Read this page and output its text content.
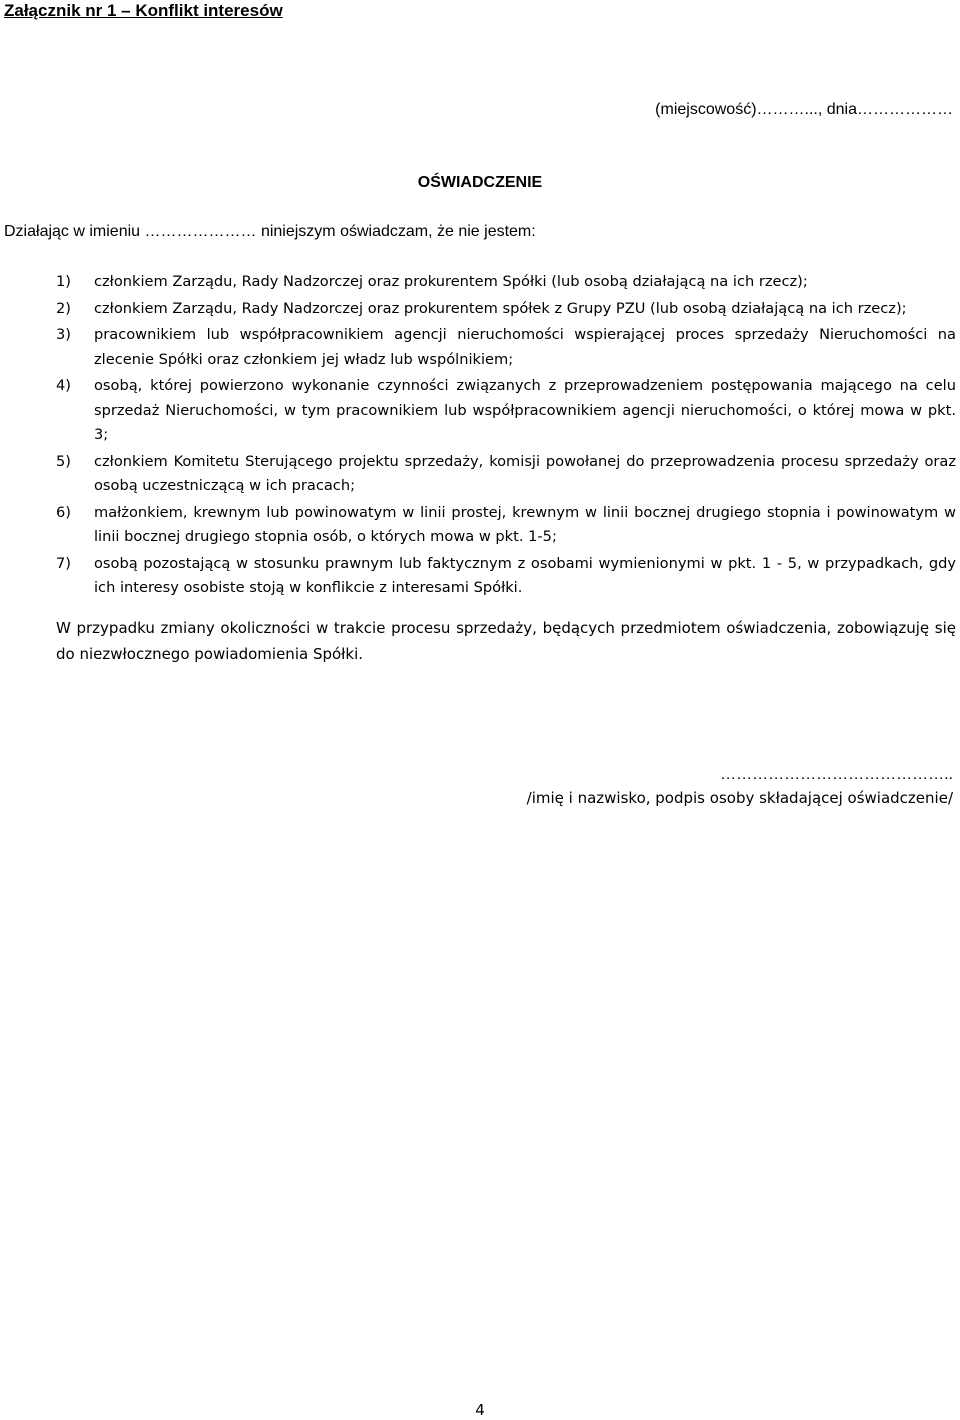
Załącznik nr 1 – Konflikt interesów
(miejscowość)………..., dnia………………
OŚWIADCZENIE
Działając w imieniu ………………… niniejszym oświadczam, że nie jestem:
1) członkiem Zarządu, Rady Nadzorczej oraz prokurentem Spółki (lub osobą działającą na ich rzecz);
2) członkiem Zarządu, Rady Nadzorczej oraz prokurentem spółek z Grupy PZU (lub osobą działającą na ich rzecz);
3) pracownikiem lub współpracownikiem agencji nieruchomości wspierającej proces sprzedaży Nieruchomości na zlecenie Spółki oraz członkiem jej władz lub wspólnikiem;
4) osobą, której powierzono wykonanie czynności związanych z przeprowadzeniem postępowania mającego na celu sprzedaż Nieruchomości, w tym pracownikiem lub współpracownikiem agencji nieruchomości, o której mowa w pkt. 3;
5) członkiem Komitetu Sterującego projektu sprzedaży, komisji powołanej do przeprowadzenia procesu sprzedaży oraz osobą uczestniczącą w ich pracach;
6) małżonkiem, krewnym lub powinowatym w linii prostej, krewnym w linii bocznej drugiego stopnia i powinowatym w linii bocznej drugiego stopnia osób, o których mowa w pkt. 1-5;
7) osobą pozostającą w stosunku prawnym lub faktycznym z osobami wymienionymi w pkt. 1 - 5, w przypadkach, gdy ich interesy osobiste stoją w konflikcie z interesami Spółki.
W przypadku zmiany okoliczności w trakcie procesu sprzedaży, będących przedmiotem oświadczenia, zobowiązuję się do niezwłocznego powiadomienia Spółki.
……………………………………..
/imię i nazwisko, podpis osoby składającej oświadczenie/
4
